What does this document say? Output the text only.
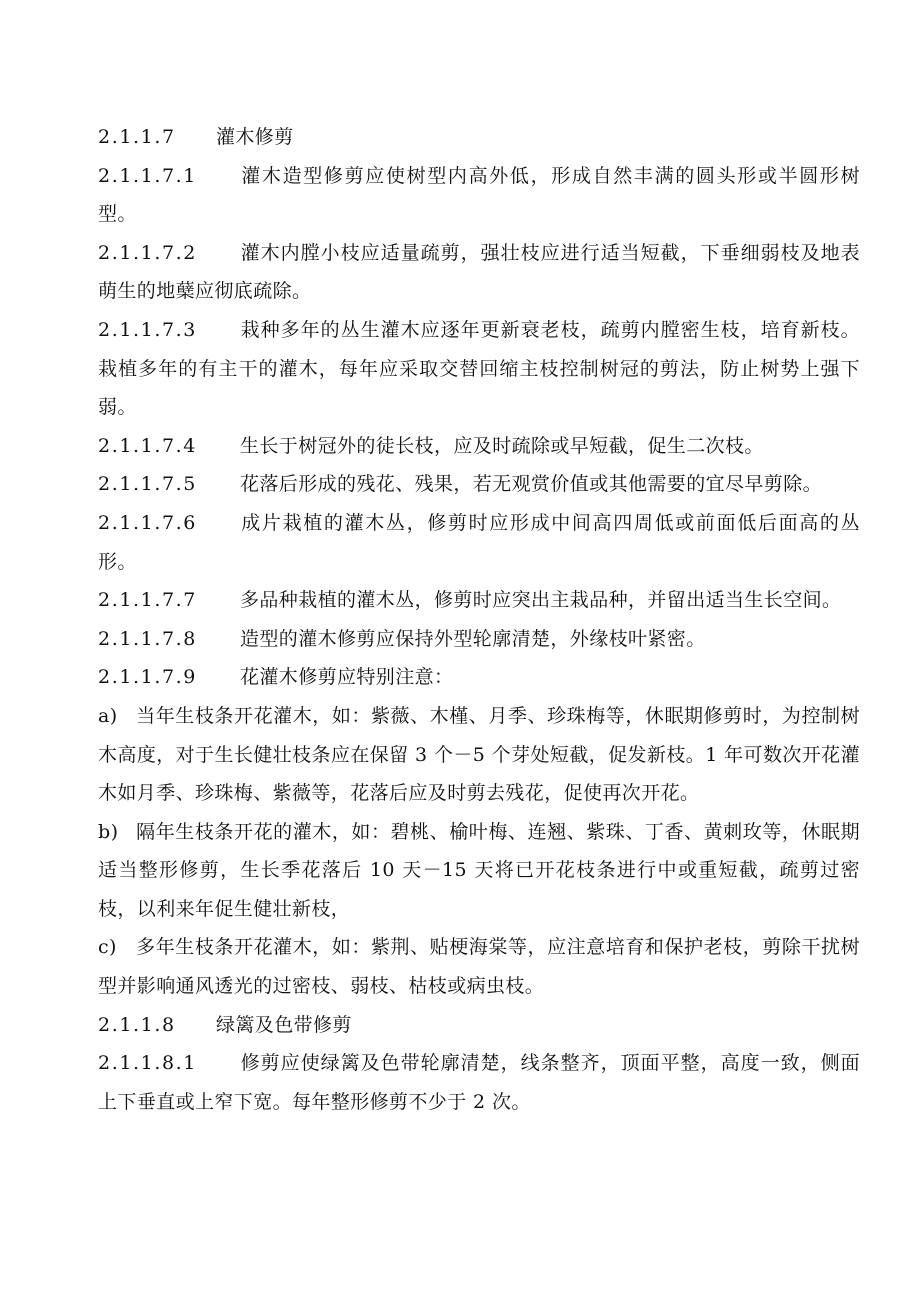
2.1.1.7 灌木修剪

2.1.1.7.1 灌木造型修剪应使树型内高外低，形成自然丰满的圆头形或半圆形树型。

2.1.1.7.2 灌木内膛小枝应适量疏剪，强壮枝应进行适当短截，下垂细弱枝及地表萌生的地蘖应彻底疏除。

2.1.1.7.3 栽种多年的丛生灌木应逐年更新衰老枝，疏剪内膛密生枝，培育新枝。栽植多年的有主干的灌木，每年应采取交替回缩主枝控制树冠的剪法，防止树势上强下弱。

2.1.1.7.4 生长于树冠外的徒长枝，应及时疏除或早短截，促生二次枝。

2.1.1.7.5 花落后形成的残花、残果，若无观赏价值或其他需要的宜尽早剪除。

2.1.1.7.6 成片栽植的灌木丛，修剪时应形成中间高四周低或前面低后面高的丛形。

2.1.1.7.7 多品种栽植的灌木丛，修剪时应突出主栽品种，并留出适当生长空间。

2.1.1.7.8 造型的灌木修剪应保持外型轮廓清楚，外缘枝叶紧密。

2.1.1.7.9 花灌木修剪应特别注意：

a) 当年生枝条开花灌木，如：紫薇、木槿、月季、珍珠梅等，休眠期修剪时，为控制树木高度，对于生长健壮枝条应在保留 3 个－5 个芽处短截，促发新枝。1 年可数次开花灌木如月季、珍珠梅、紫薇等，花落后应及时剪去残花，促使再次开花。

b) 隔年生枝条开花的灌木，如：碧桃、榆叶梅、连翘、紫珠、丁香、黄刺玫等，休眠期适当整形修剪，生长季花落后 10 天－15 天将已开花枝条进行中或重短截，疏剪过密枝，以利来年促生健壮新枝，

c) 多年生枝条开花灌木，如：紫荆、贴梗海棠等，应注意培育和保护老枝，剪除干扰树型并影响通风透光的过密枝、弱枝、枯枝或病虫枝。

2.1.1.8 绿篱及色带修剪

2.1.1.8.1 修剪应使绿篱及色带轮廓清楚，线条整齐，顶面平整，高度一致，侧面上下垂直或上窄下宽。每年整形修剪不少于 2 次。
